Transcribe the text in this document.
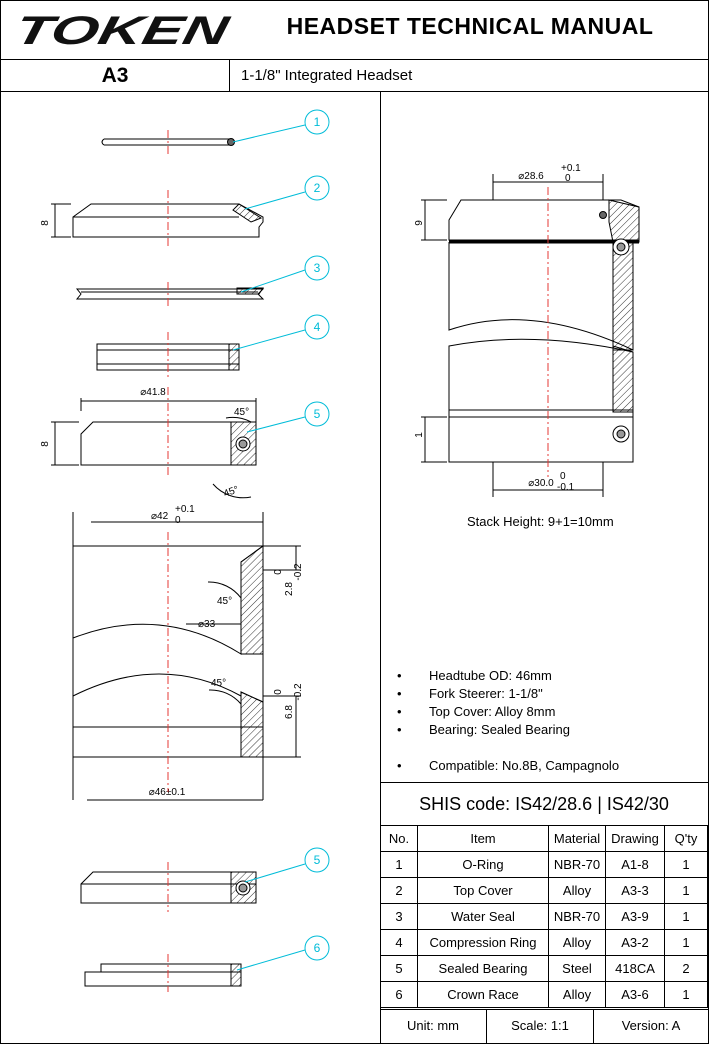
TOKEN	HEADSET TECHNICAL MANUAL
A3	1-1/8" Integrated Headset
8
⌀41.8
8
45°
45°
⌀42
+0.1
0
2.8
-0.2
0
⌀33
45°
45°
6.8
-0.2
0
⌀46±0.1
1
2
3
4
5
5
6
⌀28.6
+0.1
0
9
1
⌀30.0
0
-0.1
Stack Height: 9+1=10mm
• Headtube OD: 46mm
• Fork Steerer: 1-1/8"
• Top Cover: Alloy 8mm
• Bearing: Sealed Bearing
• Compatible: No.8B, Campagnolo
SHIS code: IS42/28.6 | IS42/30
No.	Item	Material	Drawing	Q'ty
1	O-Ring	NBR-70	A1-8	1
2	Top Cover	Alloy	A3-3	1
3	Water Seal	NBR-70	A3-9	1
4	Compression Ring	Alloy	A3-2	1
5	Sealed Bearing	Steel	418CA	2
6	Crown Race	Alloy	A3-6	1
Unit: mm	Scale: 1:1	Version: A
